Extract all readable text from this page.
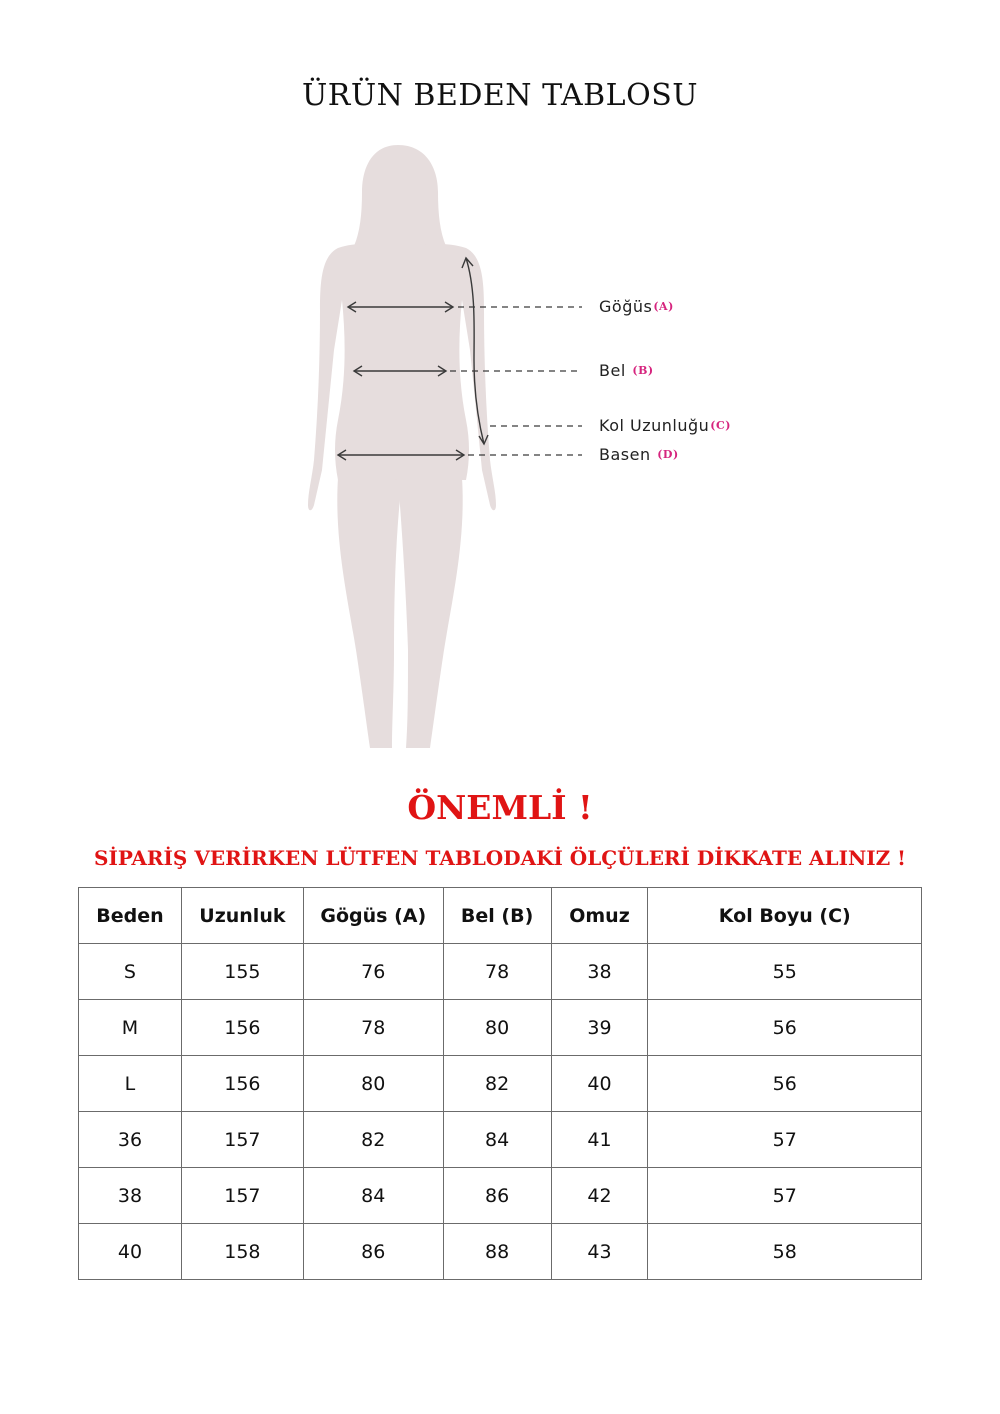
ÜRÜN BEDEN TABLOSU
Göğüs(A)
Bel (B)
Kol Uzunluğu(C)
Basen (D)
ÖNEMLİ !
SİPARİŞ VERİRKEN LÜTFEN TABLODAKİ ÖLÇÜLERİ DİKKATE ALINIZ !
Beden	Uzunluk	Gögüs (A)	Bel (B)	Omuz	Kol Boyu (C)
S	155	76	78	38	55
M	156	78	80	39	56
L	156	80	82	40	56
36	157	82	84	41	57
38	157	84	86	42	57
40	158	86	88	43	58
